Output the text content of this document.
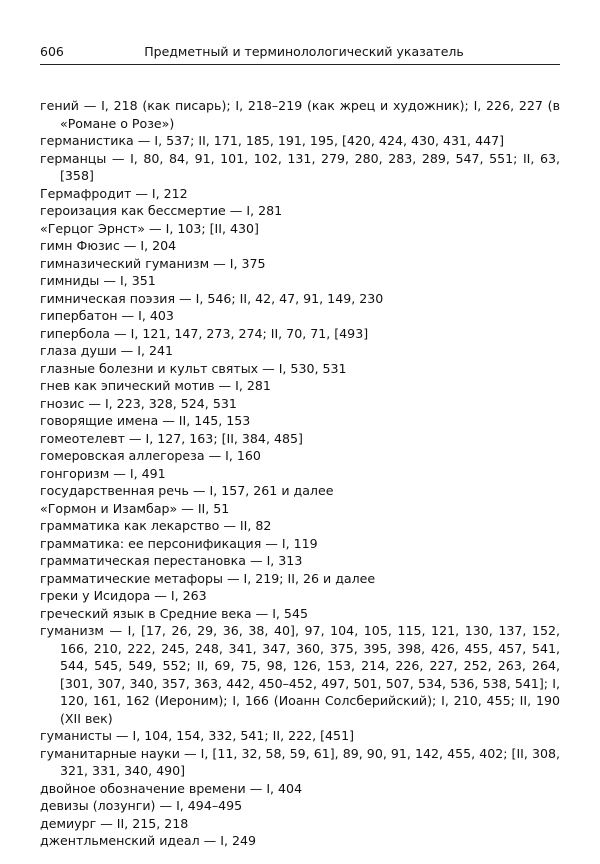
606	Предметный и терминолологический указатель

гений — I, 218 (как писарь); I, 218–219 (как жрец и художник); I, 226, 227 (в «Романе о Розе»)

германистика — I, 537; II, 171, 185, 191, 195, [420, 424, 430, 431, 447]

германцы — I, 80, 84, 91, 101, 102, 131, 279, 280, 283, 289, 547, 551; II, 63, [358]

Гермафродит — I, 212

героизация как бессмертие — I, 281

«Герцог Эрнст» — I, 103; [II, 430]

гимн Фюзис — I, 204

гимназический гуманизм — I, 375

гимниды — I, 351

гимническая поэзия — I, 546; II, 42, 47, 91, 149, 230

гипербатон — I, 403

гипербола — I, 121, 147, 273, 274; II, 70, 71, [493]

глаза души — I, 241

глазные болезни и культ святых — I, 530, 531

гнев как эпический мотив — I, 281

гнозис — I, 223, 328, 524, 531

говорящие имена — II, 145, 153

гомеотелевт — I, 127, 163; [II, 384, 485]

гомеровская аллегореза — I, 160

гонгоризм — I, 491

государственная речь — I, 157, 261 и далее

«Гормон и Изамбар» — II, 51

грамматика как лекарство — II, 82

грамматика: ее персонификация — I, 119

грамматическая перестановка — I, 313

грамматические метафоры — I, 219; II, 26 и далее

греки у Исидора — I, 263

греческий язык в Средние века — I, 545

гуманизм — I, [17, 26, 29, 36, 38, 40], 97, 104, 105, 115, 121, 130, 137, 152, 166, 210, 222, 245, 248, 341, 347, 360, 375, 395, 398, 426, 455, 457, 541, 544, 545, 549, 552; II, 69, 75, 98, 126, 153, 214, 226, 227, 252, 263, 264, [301, 307, 340, 357, 363, 442, 450–452, 497, 501, 507, 534, 536, 538, 541]; I, 120, 161, 162 (Иероним); I, 166 (Иоанн Солсберийский); I, 210, 455; II, 190 (XII век)

гуманисты — I, 104, 154, 332, 541; II, 222, [451]

гуманитарные науки — I, [11, 32, 58, 59, 61], 89, 90, 91, 142, 455, 402; [II, 308, 321, 331, 340, 490]

двойное обозначение времени — I, 404

девизы (лозунги) — I, 494–495

демиург — II, 215, 218

джентльменский идеал — I, 249
